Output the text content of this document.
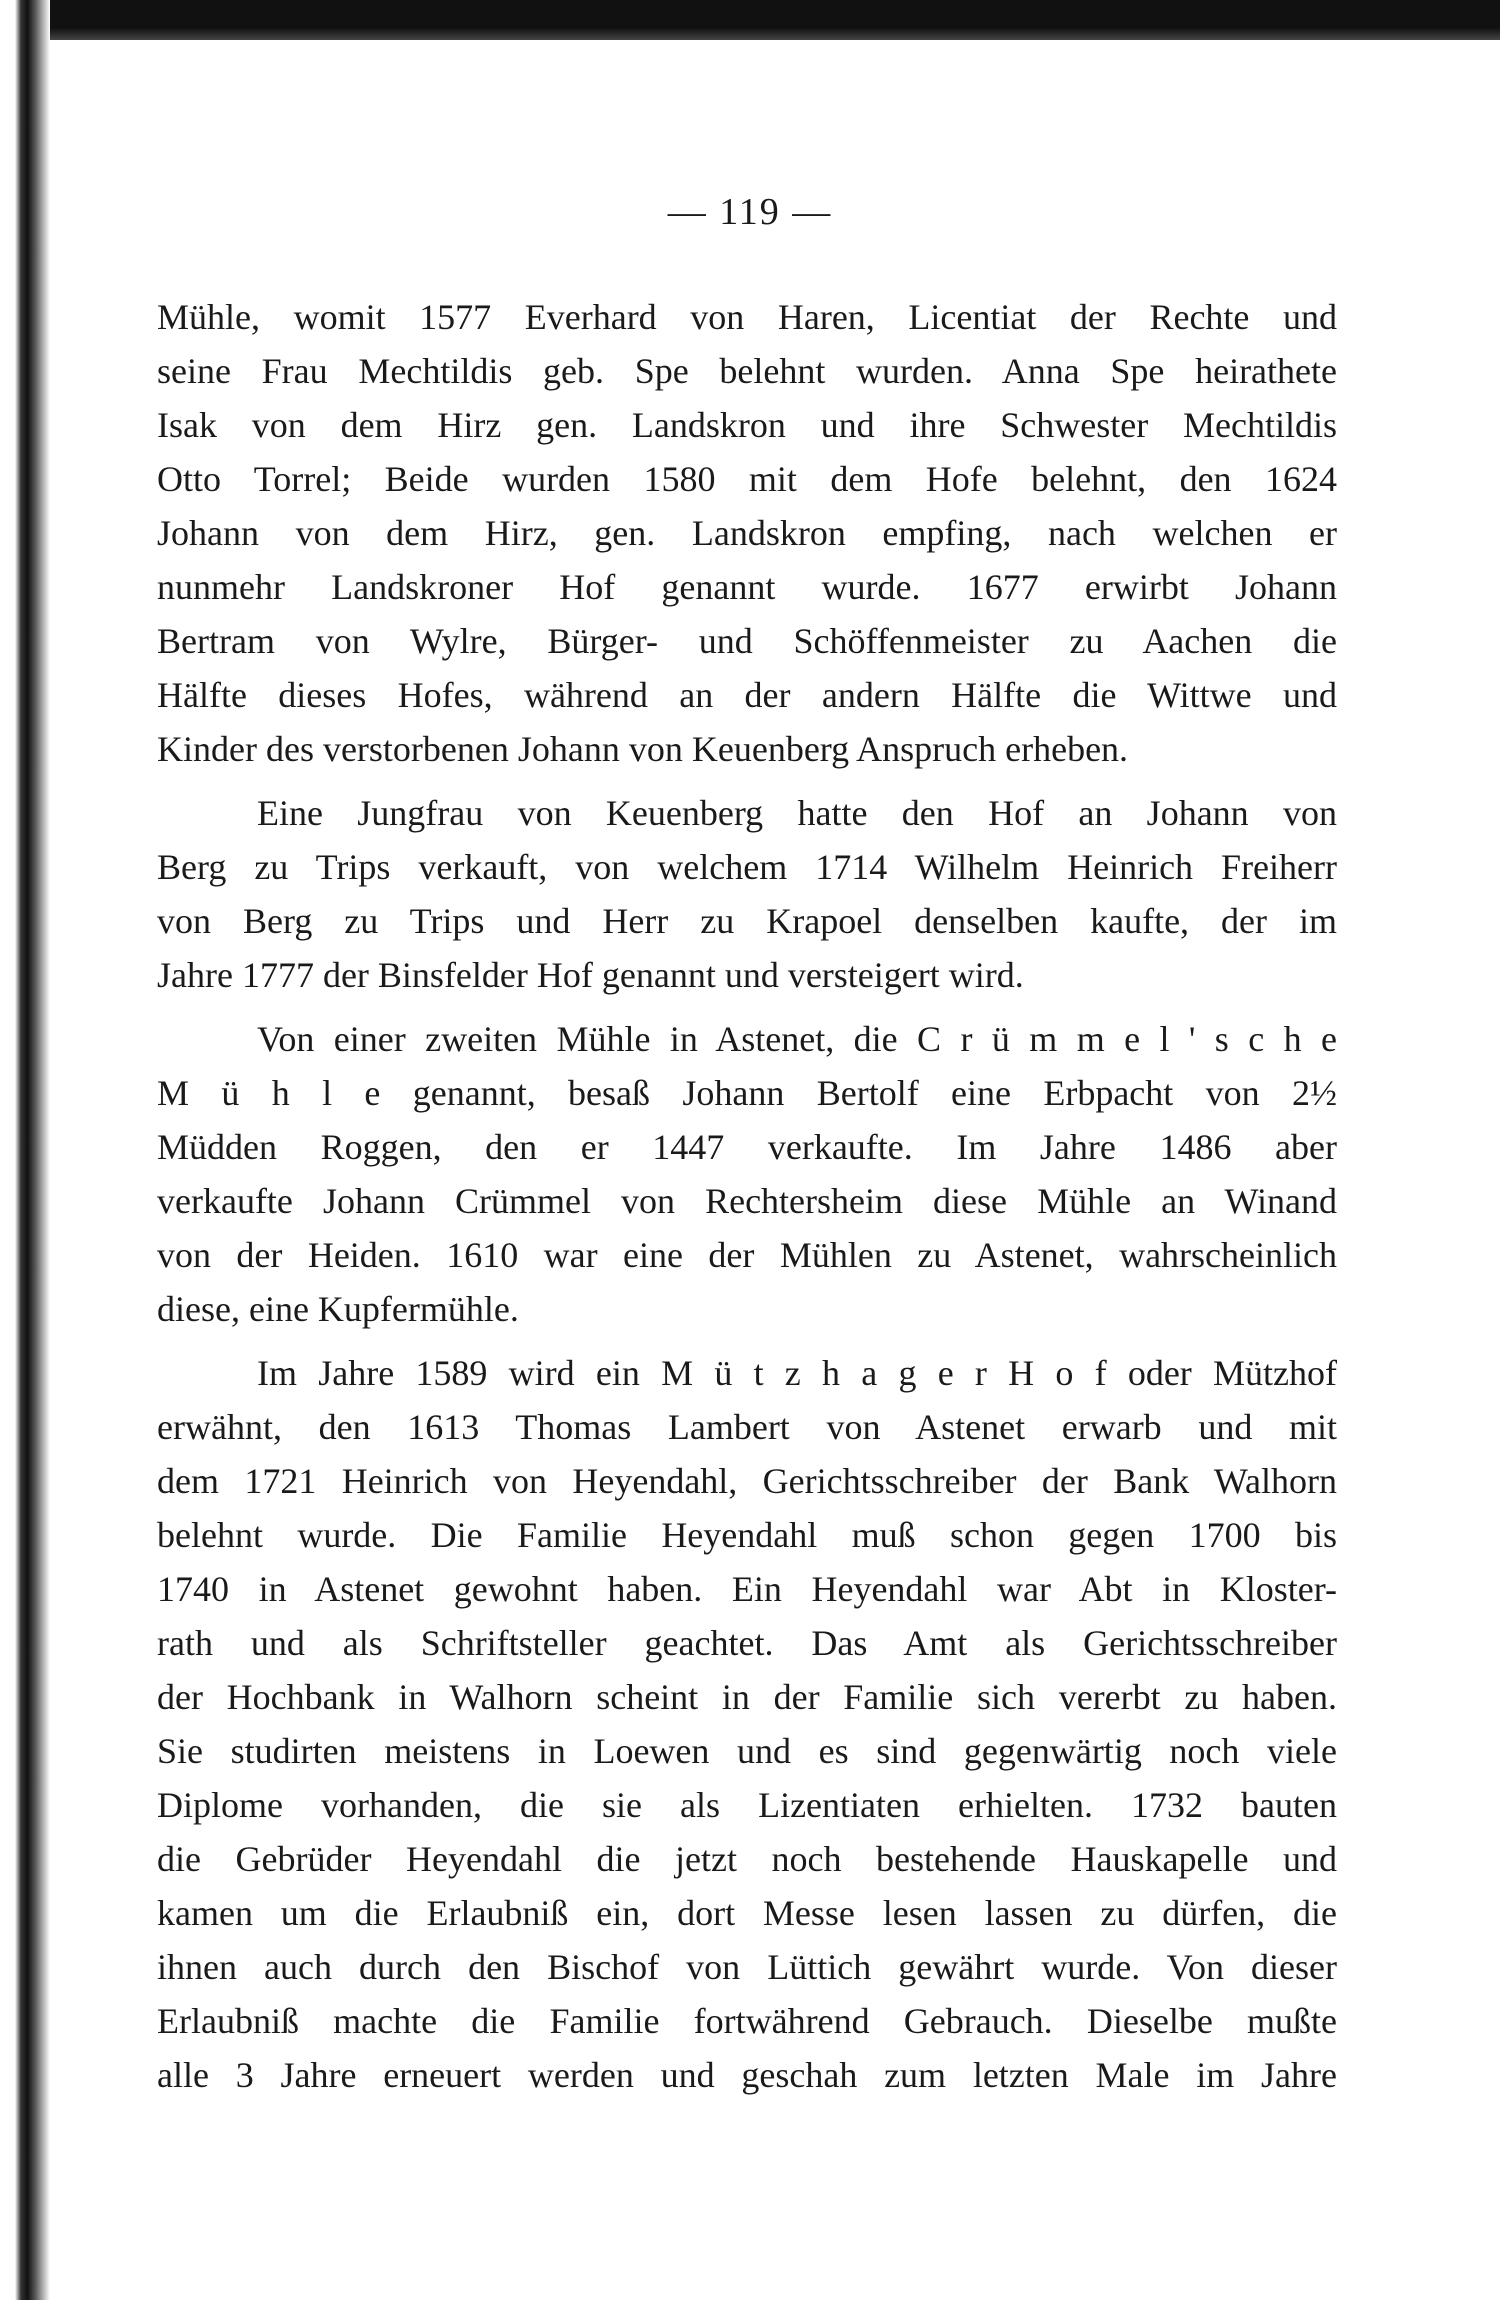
— 119 —
Mühle, womit 1577 Everhard von Haren, Licentiat der Rechte und
seine Frau Mechtildis geb. Spe belehnt wurden. Anna Spe heirathete
Isak von dem Hirz gen. Landskron und ihre Schwester Mechtildis
Otto Torrel; Beide wurden 1580 mit dem Hofe belehnt, den 1624
Johann von dem Hirz, gen. Landskron empfing, nach welchen er
nunmehr Landskroner Hof genannt wurde. 1677 erwirbt Johann
Bertram von Wylre, Bürger- und Schöffenmeister zu Aachen die
Hälfte dieses Hofes, während an der andern Hälfte die Wittwe und
Kinder des verstorbenen Johann von Keuenberg Anspruch erheben.
Eine Jungfrau von Keuenberg hatte den Hof an Johann von
Berg zu Trips verkauft, von welchem 1714 Wilhelm Heinrich Freiherr
von Berg zu Trips und Herr zu Krapoel denselben kaufte, der im
Jahre 1777 der Binsfelder Hof genannt und versteigert wird.
Von einer zweiten Mühle in Astenet, die C r ü m m e l ' s c h e
M ü h l e genannt, besaß Johann Bertolf eine Erbpacht von 2½
Müdden Roggen, den er 1447 verkaufte. Im Jahre 1486 aber
verkaufte Johann Crümmel von Rechtersheim diese Mühle an Winand
von der Heiden. 1610 war eine der Mühlen zu Astenet, wahrscheinlich
diese, eine Kupfermühle.
Im Jahre 1589 wird ein M ü t z h a g e r H o f oder Mützhof
erwähnt, den 1613 Thomas Lambert von Astenet erwarb und mit
dem 1721 Heinrich von Heyendahl, Gerichtsschreiber der Bank Walhorn
belehnt wurde. Die Familie Heyendahl muß schon gegen 1700 bis
1740 in Astenet gewohnt haben. Ein Heyendahl war Abt in Kloster-
rath und als Schriftsteller geachtet. Das Amt als Gerichtsschreiber
der Hochbank in Walhorn scheint in der Familie sich vererbt zu haben.
Sie studirten meistens in Loewen und es sind gegenwärtig noch viele
Diplome vorhanden, die sie als Lizentiaten erhielten. 1732 bauten
die Gebrüder Heyendahl die jetzt noch bestehende Hauskapelle und
kamen um die Erlaubniß ein, dort Messe lesen lassen zu dürfen, die
ihnen auch durch den Bischof von Lüttich gewährt wurde. Von dieser
Erlaubniß machte die Familie fortwährend Gebrauch. Dieselbe mußte
alle 3 Jahre erneuert werden und geschah zum letzten Male im Jahre
